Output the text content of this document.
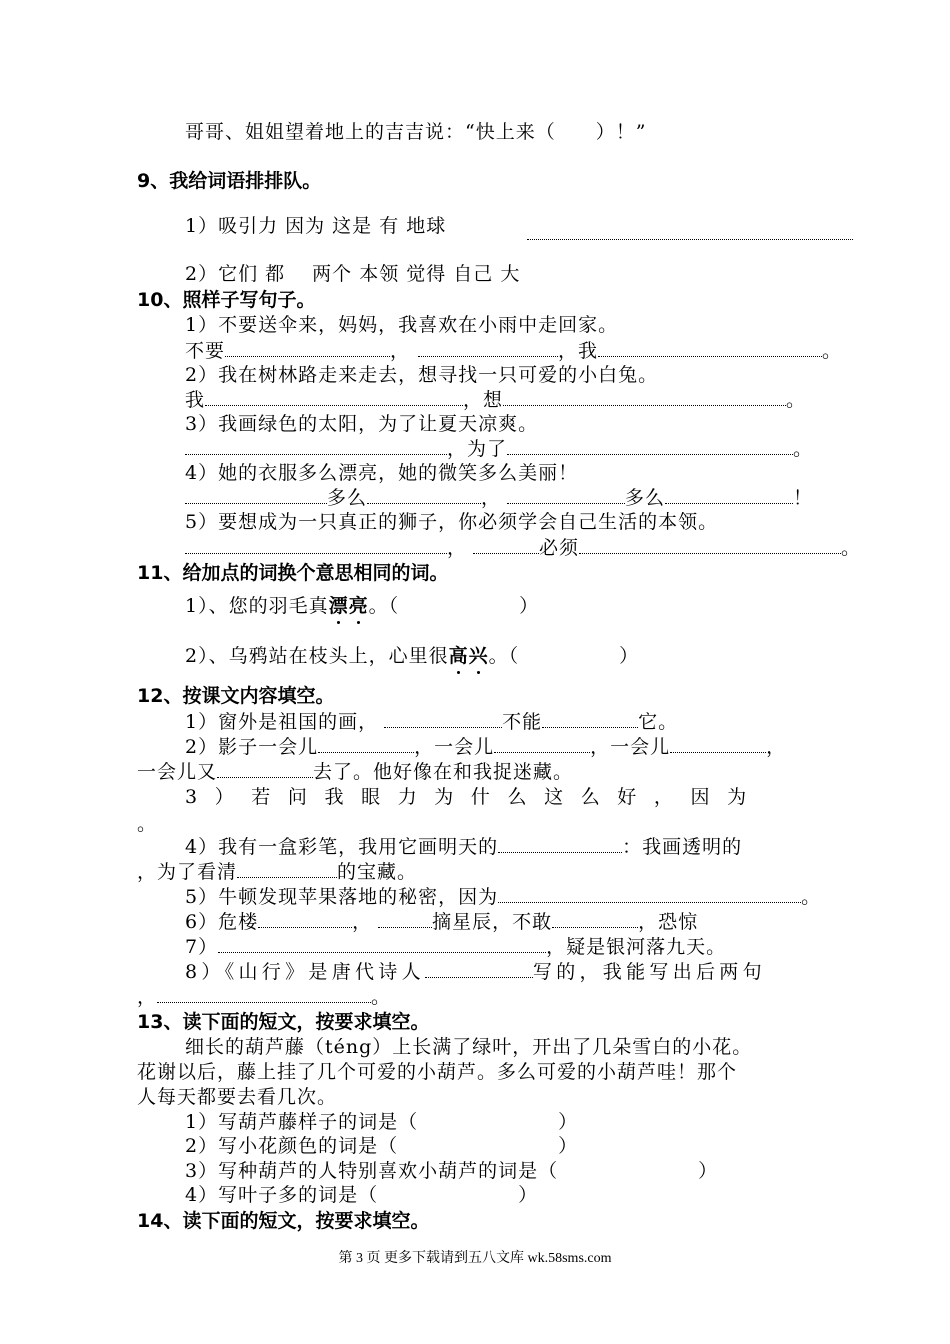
哥哥、姐姐望着地上的吉吉说：“快上来（　　）！”
9、我给词语排排队。
1）吸引力 因为 这是 有 地球
2）它们 都 　两个 本领 觉得 自己 大
10、照样子写句子。
1）不要送伞来，妈妈，我喜欢在小雨中走回家。
不要	，	，我	。
2）我在树林路走来走去，想寻找一只可爱的小白兔。
我	，想	。
3）我画绿色的太阳，为了让夏天凉爽。
，为了	。
4）她的衣服多么漂亮，她的微笑多么美丽！
多么	，	多么	！
5）要想成为一只真正的狮子，你必须学会自己生活的本领。
，	必须	。
11、给加点的词换个意思相同的词。
1）、您的羽毛真漂亮。（　　　　　　）
2）、乌鸦站在枝头上，心里很高兴。（　　　　　）
12、按课文内容填空。
1）窗外是祖国的画，	不能	它。
2）影子一会儿	，一会儿	，一会儿	，
一会儿又	去了。他好像在和我捉迷藏。
3）若问我眼力为什么这么好，因为
。
4）我有一盒彩笔，我用它画明天的	：我画透明的
，为了看清	的宝藏。
5）牛顿发现苹果落地的秘密，因为	。
6）危楼	，	摘星辰，不敢	，恐惊
7）	，疑是银河落九天。
8）《山行》是唐代诗人	写的，我能写出后两句
，	。
13、读下面的短文，按要求填空。
细长的葫芦藤（téng）上长满了绿叶，开出了几朵雪白的小花。
花谢以后，藤上挂了几个可爱的小葫芦。多么可爱的小葫芦哇！那个
人每天都要去看几次。
1）写葫芦藤样子的词是（　　　　　　　）
2）写小花颜色的词是（　　　　　　　　）
3）写种葫芦的人特别喜欢小葫芦的词是（　　　　　　　）
4）写叶子多的词是（　　　　　　　）
14、读下面的短文，按要求填空。
第 3 页 更多下载请到五八文库 wk.58sms.com
